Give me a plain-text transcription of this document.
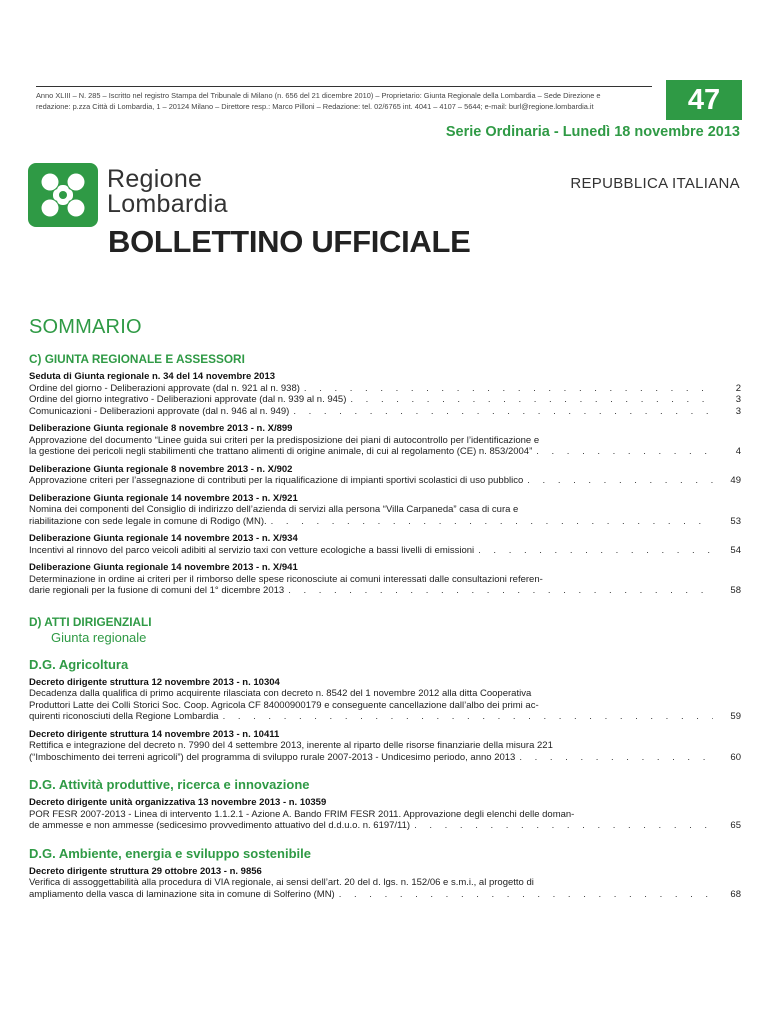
Anno XLIII – N. 285 – Iscritto nel registro Stampa del Tribunale di Milano (n. 656 del 21 dicembre 2010) – Proprietario: Giunta Regionale della Lombardia – Sede Direzione e
redazione: p.zza Città di Lombardia, 1 – 20124 Milano – Direttore resp.: Marco Pilloni – Redazione: tel. 02/6765 int. 4041 – 4107 – 5644; e-mail: burl@regione.lombardia.it	47
Serie Ordinaria - Lunedì 18 novembre 2013
Regione
Lombardia
REPUBBLICA ITALIANA
BOLLETTINO UFFICIALE
SOMMARIO
C) GIUNTA REGIONALE E ASSESSORI
Seduta di Giunta regionale n. 34 del 14 novembre 2013
Ordine del giorno - Deliberazioni approvate (dal n. 921 al n. 938) . . .	2
Ordine del giorno integrativo - Deliberazioni approvate (dal n. 939 al n. 945) . . .	3
Comunicazioni - Deliberazioni approvate (dal n. 946 al n. 949) . . .	3
Deliberazione Giunta regionale 8 novembre 2013 - n. X/899
Approvazione del documento “Linee guida sui criteri per la predisposizione dei piani di autocontrollo per l’identificazione e
la gestione dei pericoli negli stabilimenti che trattano alimenti di origine animale, di cui al regolamento (CE) n. 853/2004” . . .	4
Deliberazione Giunta regionale 8 novembre 2013 - n. X/902
Approvazione criteri per l’assegnazione di contributi per la riqualificazione di impianti sportivi scolastici di uso pubblico . . .	49
Deliberazione Giunta regionale 14 novembre 2013 - n. X/921
Nomina dei componenti del Consiglio di indirizzo dell’azienda di servizi alla persona “Villa Carpaneda” casa di cura e
riabilitazione con sede legale in comune di Rodigo (MN). . . .	53
Deliberazione Giunta regionale 14 novembre 2013 - n. X/934
Incentivi al rinnovo del parco veicoli adibiti al servizio taxi con vetture ecologiche a bassi livelli di emissioni . . .	54
Deliberazione Giunta regionale 14 novembre 2013 - n. X/941
Determinazione in ordine ai criteri per il rimborso delle spese riconosciute ai comuni interessati dalle consultazioni referen-
darie regionali per la fusione di comuni del 1° dicembre 2013 . . .	58
D) ATTI DIRIGENZIALI
Giunta regionale
D.G. Agricoltura
Decreto dirigente struttura 12 novembre 2013 - n. 10304
Decadenza dalla qualifica di primo acquirente rilasciata con decreto n. 8542 del 1 novembre 2012 alla ditta Cooperativa
Produttori Latte dei Colli Storici Soc. Coop. Agricola CF 84000900179 e conseguente cancellazione dall’albo dei primi ac-
quirenti riconosciuti della Regione Lombardia . . .	59
Decreto dirigente struttura 14 novembre 2013 - n. 10411
Rettifica e integrazione del decreto n. 7990 del 4 settembre 2013, inerente al riparto delle risorse finanziarie della misura 221
(“Imboschimento dei terreni agricoli”) del programma di sviluppo rurale 2007-2013 - Undicesimo periodo, anno 2013 . . .	60
D.G. Attività produttive, ricerca e innovazione
Decreto dirigente unità organizzativa 13 novembre 2013 - n. 10359
POR FESR 2007-2013 - Linea di intervento 1.1.2.1 - Azione A. Bando FRIM FESR 2011. Approvazione degli elenchi delle doman-
de ammesse e non ammesse (sedicesimo provvedimento attuativo del d.d.u.o. n. 6197/11) . . .	65
D.G. Ambiente, energia e sviluppo sostenibile
Decreto dirigente struttura 29 ottobre 2013 - n. 9856
Verifica di assoggettabilità alla procedura di VIA regionale, ai sensi dell’art. 20 del d. lgs. n. 152/06 e s.m.i., al progetto di
ampliamento della vasca di laminazione sita in comune di Solferino (MN) . . .	68
